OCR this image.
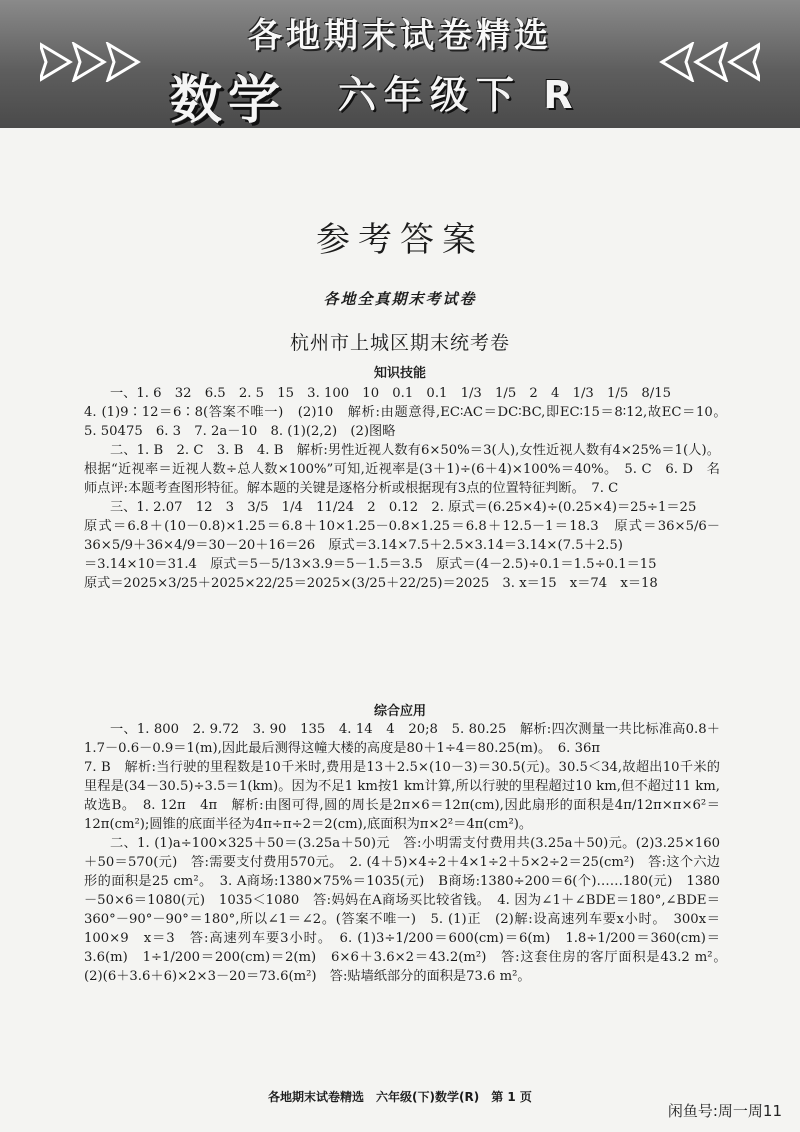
各地期末试卷精选
数学	六年级下 R
参考答案
各地全真期末考试卷
杭州市上城区期末统考卷
知识技能
一、1. 6　32　6.5　2. 5　15　3. 100　10　0.1　0.1　1/3　1/5　2　4　1/3　1/5　8/15
4. (1)9∶12＝6∶8(答案不唯一)　(2)10　解析:由题意得,EC∶AC＝DC∶BC,即EC∶15＝8∶12,故EC＝10。　5. 50475　6. 3　7. 2a－10　8. (1)(2,2)　(2)图略
二、1. B　2. C　3. B　4. B　解析:男性近视人数有6×50%＝3(人),女性近视人数有4×25%＝1(人)。根据“近视率＝近视人数÷总人数×100%”可知,近视率是(3＋1)÷(6＋4)×100%＝40%。　5. C　6. D　名师点评:本题考查图形特征。解本题的关键是逐格分析或根据现有3点的位置特征判断。　7. C
三、1. 2.07　12　3　3/5　1/4　11/24　2　0.12　2. 原式＝(6.25×4)÷(0.25×4)＝25÷1＝25
原式＝6.8＋(10－0.8)×1.25＝6.8＋10×1.25－0.8×1.25＝6.8＋12.5－1＝18.3　原式＝36×5/6－36×5/9＋36×4/9＝30－20＋16＝26　原式＝3.14×7.5＋2.5×3.14＝3.14×(7.5＋2.5)
＝3.14×10＝31.4　原式＝5－5/13×3.9＝5－1.5＝3.5　原式＝(4－2.5)÷0.1＝1.5÷0.1＝15
原式＝2025×3/25＋2025×22/25＝2025×(3/25＋22/25)＝2025　3. x＝15　x＝74　x＝18
综合应用
一、1. 800　2. 9.72　3. 90　135　4. 14　4　20;8　5. 80.25　解析:四次测量一共比标准高0.8＋1.7－0.6－0.9＝1(m),因此最后测得这幢大楼的高度是80＋1÷4＝80.25(m)。　6. 36π
7. B　解析:当行驶的里程数是10千米时,费用是13＋2.5×(10－3)＝30.5(元)。30.5＜34,故超出10千米的里程是(34－30.5)÷3.5＝1(km)。因为不足1 km按1 km计算,所以行驶的里程超过10 km,但不超过11 km,故选B。　8. 12π　4π　解析:由图可得,圆的周长是2π×6＝12π(cm),因此扇形的面积是4π/12π×π×6²＝12π(cm²);圆锥的底面半径为4π÷π÷2＝2(cm),底面积为π×2²＝4π(cm²)。
二、1. (1)a÷100×325＋50＝(3.25a＋50)元　答:小明需支付费用共(3.25a＋50)元。(2)3.25×160＋50＝570(元)　答:需要支付费用570元。　2. (4＋5)×4÷2＋4×1÷2＋5×2÷2＝25(cm²)　答:这个六边形的面积是25 cm²。　3. A商场:1380×75%＝1035(元)　B商场:1380÷200＝6(个)……180(元)　1380－50×6＝1080(元)　1035＜1080　答:妈妈在A商场买比较省钱。　4. 因为∠1＋∠BDE＝180°,∠BDE＝360°－90°－90°＝180°,所以∠1＝∠2。(答案不唯一)　5. (1)正　(2)解:设高速列车要x小时。　300x＝100×9　x＝3　答:高速列车要3小时。　6. (1)3÷1/200＝600(cm)＝6(m)　1.8÷1/200＝360(cm)＝3.6(m)　1÷1/200＝200(cm)＝2(m)　6×6＋3.6×2＝43.2(m²)　答:这套住房的客厅面积是43.2 m²。　(2)(6＋3.6＋6)×2×3－20＝73.6(m²)　答:贴墙纸部分的面积是73.6 m²。
各地期末试卷精选　六年级(下)数学(R)　第 1 页
闲鱼号:周一周11
